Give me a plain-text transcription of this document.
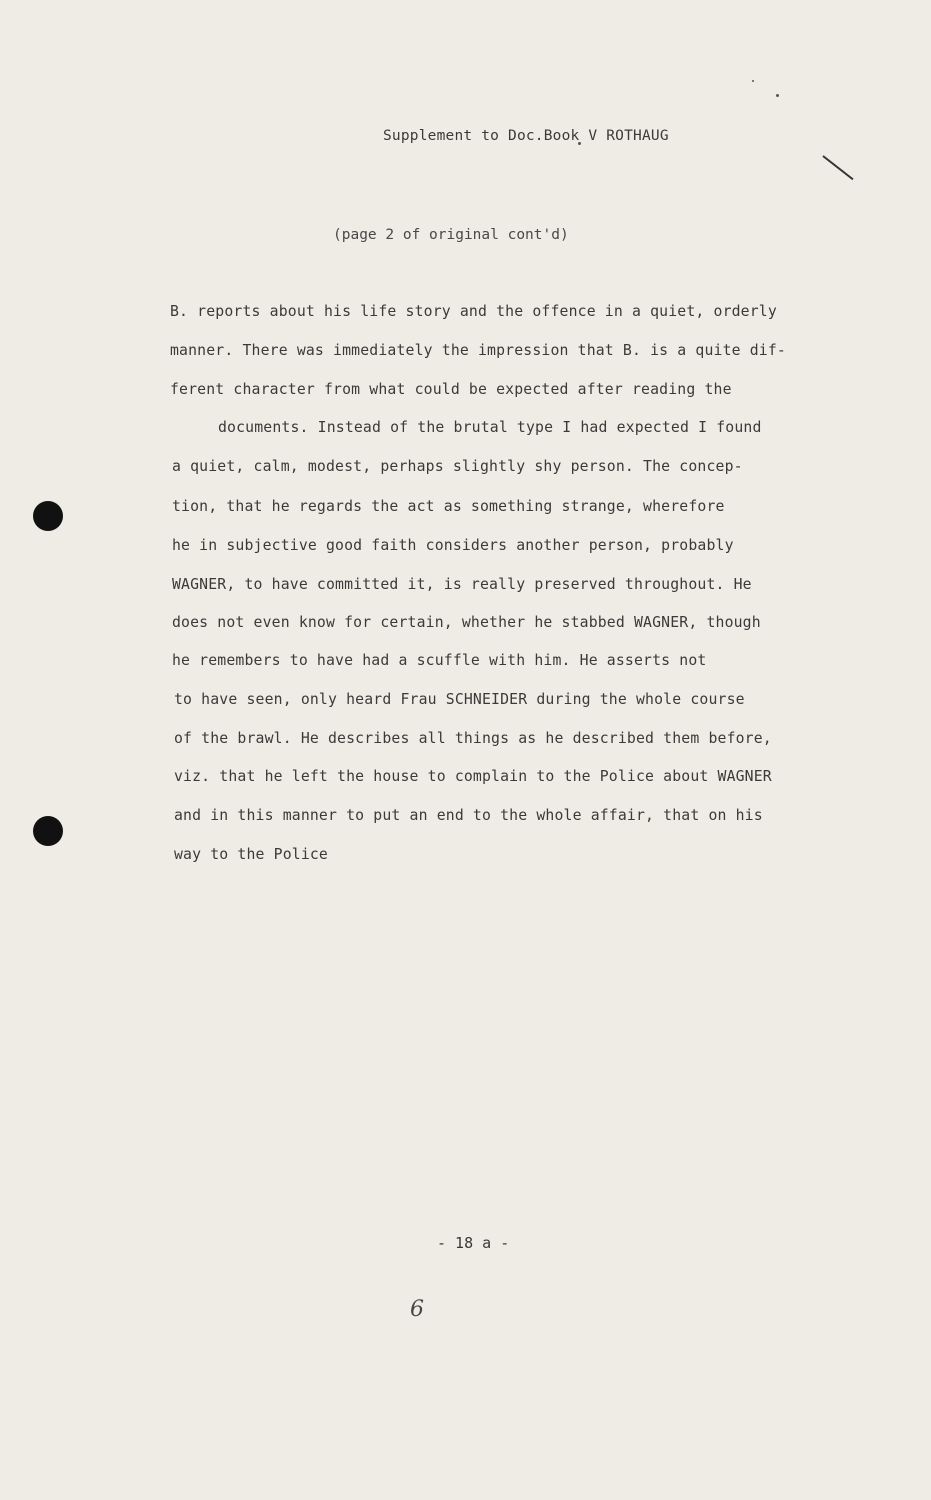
Supplement to Doc.Book V ROTHAUG
(page 2 of original cont'd)
B. reports about his life story and the offence in a quiet, orderly
manner. There was immediately the impression that B. is a quite dif-
ferent character from what could be expected after reading the
documents. Instead of the brutal type I had expected I found
a quiet, calm, modest, perhaps slightly shy person. The concep-
tion, that he regards the act as something strange, wherefore
he in subjective good faith considers another person, probably
WAGNER, to have committed it, is really preserved throughout. He
does not even know for certain, whether he stabbed WAGNER, though
he remembers to have had a scuffle with him. He asserts not
to have seen, only heard Frau SCHNEIDER during the whole course
of the brawl. He describes all things as he described them before,
viz. that he left the house to complain to the Police about WAGNER
and in this manner to put an end to the whole affair, that on his
way to the Police
- 18 a -
6
